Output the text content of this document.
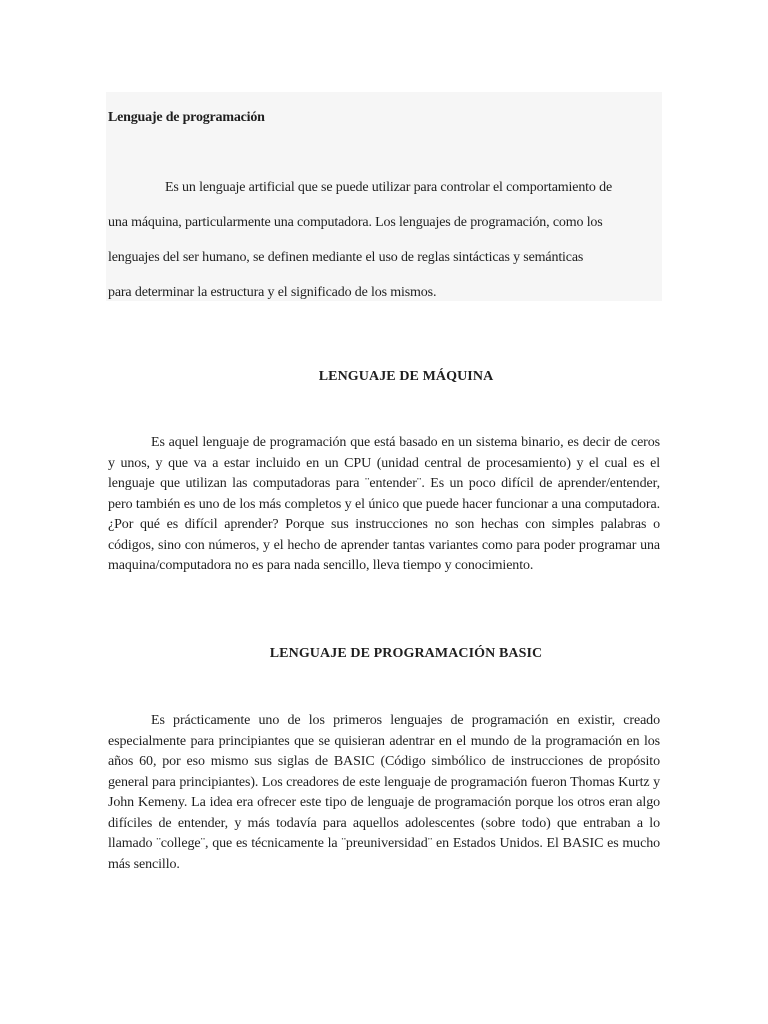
Lenguaje de programación
Es un lenguaje artificial que se puede utilizar para controlar el comportamiento de
una máquina, particularmente una computadora. Los lenguajes de programación, como los
lenguajes del ser humano, se definen mediante el uso de reglas sintácticas y semánticas
para determinar la estructura y el significado de los mismos.
LENGUAJE DE MÁQUINA

Es aquel lenguaje de programación que está basado en un sistema binario, es decir de ceros y unos, y que va a estar incluido en un CPU (unidad central de procesamiento) y el cual es el lenguaje que utilizan las computadoras para ¨entender¨. Es un poco difícil de aprender/entender, pero también es uno de los más completos y el único que puede hacer funcionar a una computadora. ¿Por qué es difícil aprender? Porque sus instrucciones no son hechas con simples palabras o códigos, sino con números, y el hecho de aprender tantas variantes como para poder programar una maquina/computadora no es para nada sencillo, lleva tiempo y conocimiento.

LENGUAJE DE PROGRAMACIÓN BASIC

Es prácticamente uno de los primeros lenguajes de programación en existir, creado especialmente para principiantes que se quisieran adentrar en el mundo de la programación en los años 60, por eso mismo sus siglas de BASIC (Código simbólico de instrucciones de propósito general para principiantes). Los creadores de este lenguaje de programación fueron Thomas Kurtz y John Kemeny. La idea era ofrecer este tipo de lenguaje de programación porque los otros eran algo difíciles de entender, y más todavía para aquellos adolescentes (sobre todo) que entraban a lo llamado ¨college¨, que es técnicamente la ¨preuniversidad¨ en Estados Unidos. El BASIC es mucho más sencillo.
